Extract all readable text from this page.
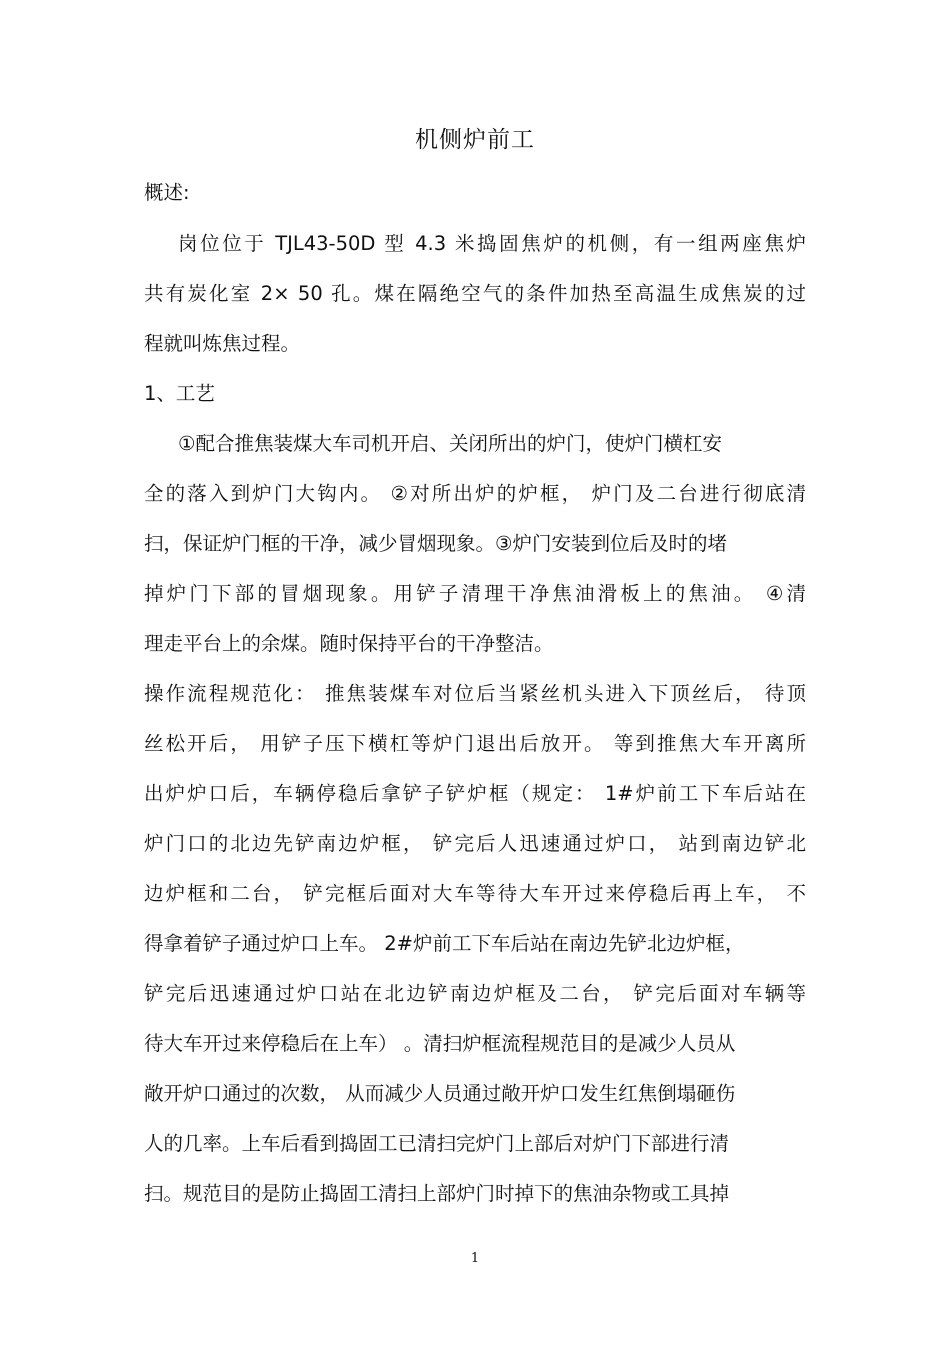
机侧炉前工
概述:
岗位位于 TJL43-50D 型 4.3 米捣固焦炉的机侧，有一组两座焦炉
共有炭化室 2× 50 孔。煤在隔绝空气的条件加热至高温生成焦炭的过
程就叫炼焦过程。
1、工艺
①配合推焦装煤大车司机开启、关闭所出的炉门，使炉门横杠安
全的落入到炉门大钩内。 ②对所出炉的炉框， 炉门及二台进行彻底清
扫，保证炉门框的干净，减少冒烟现象。③炉门安装到位后及时的堵
掉炉门下部的冒烟现象。用铲子清理干净焦油滑板上的焦油。 ④清
理走平台上的余煤。随时保持平台的干净整洁。
操作流程规范化： 推焦装煤车对位后当紧丝机头进入下顶丝后， 待顶
丝松开后， 用铲子压下横杠等炉门退出后放开。 等到推焦大车开离所
出炉炉口后，车辆停稳后拿铲子铲炉框（规定： 1#炉前工下车后站在
炉门口的北边先铲南边炉框， 铲完后人迅速通过炉口， 站到南边铲北
边炉框和二台， 铲完框后面对大车等待大车开过来停稳后再上车， 不
得拿着铲子通过炉口上车。 2#炉前工下车后站在南边先铲北边炉框，
铲完后迅速通过炉口站在北边铲南边炉框及二台， 铲完后面对车辆等
待大车开过来停稳后在上车） 。清扫炉框流程规范目的是减少人员从
敞开炉口通过的次数， 从而减少人员通过敞开炉口发生红焦倒塌砸伤
人的几率。上车后看到捣固工已清扫完炉门上部后对炉门下部进行清
扫。规范目的是防止捣固工清扫上部炉门时掉下的焦油杂物或工具掉
1
